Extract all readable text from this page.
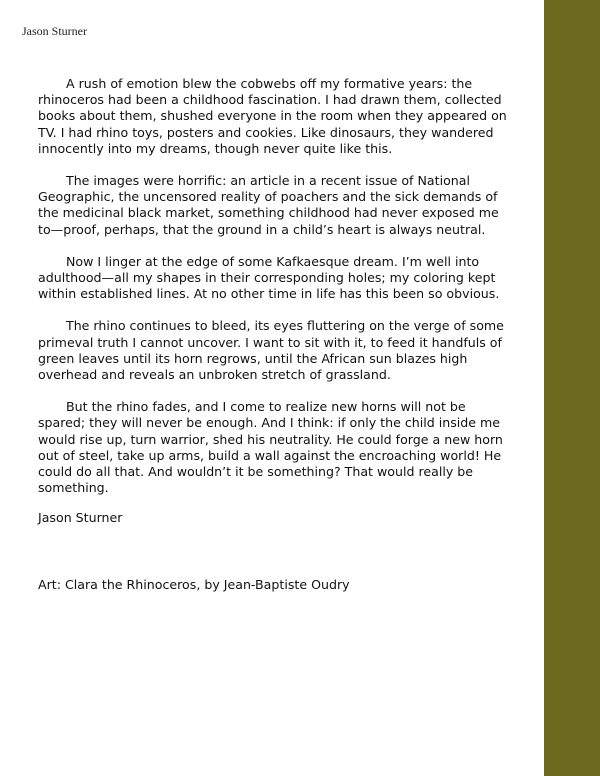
Jason Sturner

A rush of emotion blew the cobwebs off my formative years: the rhinoceros had been a childhood fascination. I had drawn them, collected books about them, shushed everyone in the room when they appeared on TV. I had rhino toys, posters and cookies. Like dinosaurs, they wandered innocently into my dreams, though never quite like this.

The images were horrific: an article in a recent issue of National Geographic, the uncensored reality of poachers and the sick demands of the medicinal black market, something childhood had never exposed me to—proof, perhaps, that the ground in a child’s heart is always neutral.

Now I linger at the edge of some Kafkaesque dream. I’m well into adulthood—all my shapes in their corresponding holes; my coloring kept within established lines. At no other time in life has this been so obvious.

The rhino continues to bleed, its eyes fluttering on the verge of some primeval truth I cannot uncover. I want to sit with it, to feed it handfuls of green leaves until its horn regrows, until the African sun blazes high overhead and reveals an unbroken stretch of grassland.

But the rhino fades, and I come to realize new horns will not be spared; they will never be enough. And I think: if only the child inside me would rise up, turn warrior, shed his neutrality. He could forge a new horn out of steel, take up arms, build a wall against the encroaching world! He could do all that. And wouldn’t it be something? That would really be something.

Jason Sturner
Art: Clara the Rhinoceros, by Jean-Baptiste Oudry
